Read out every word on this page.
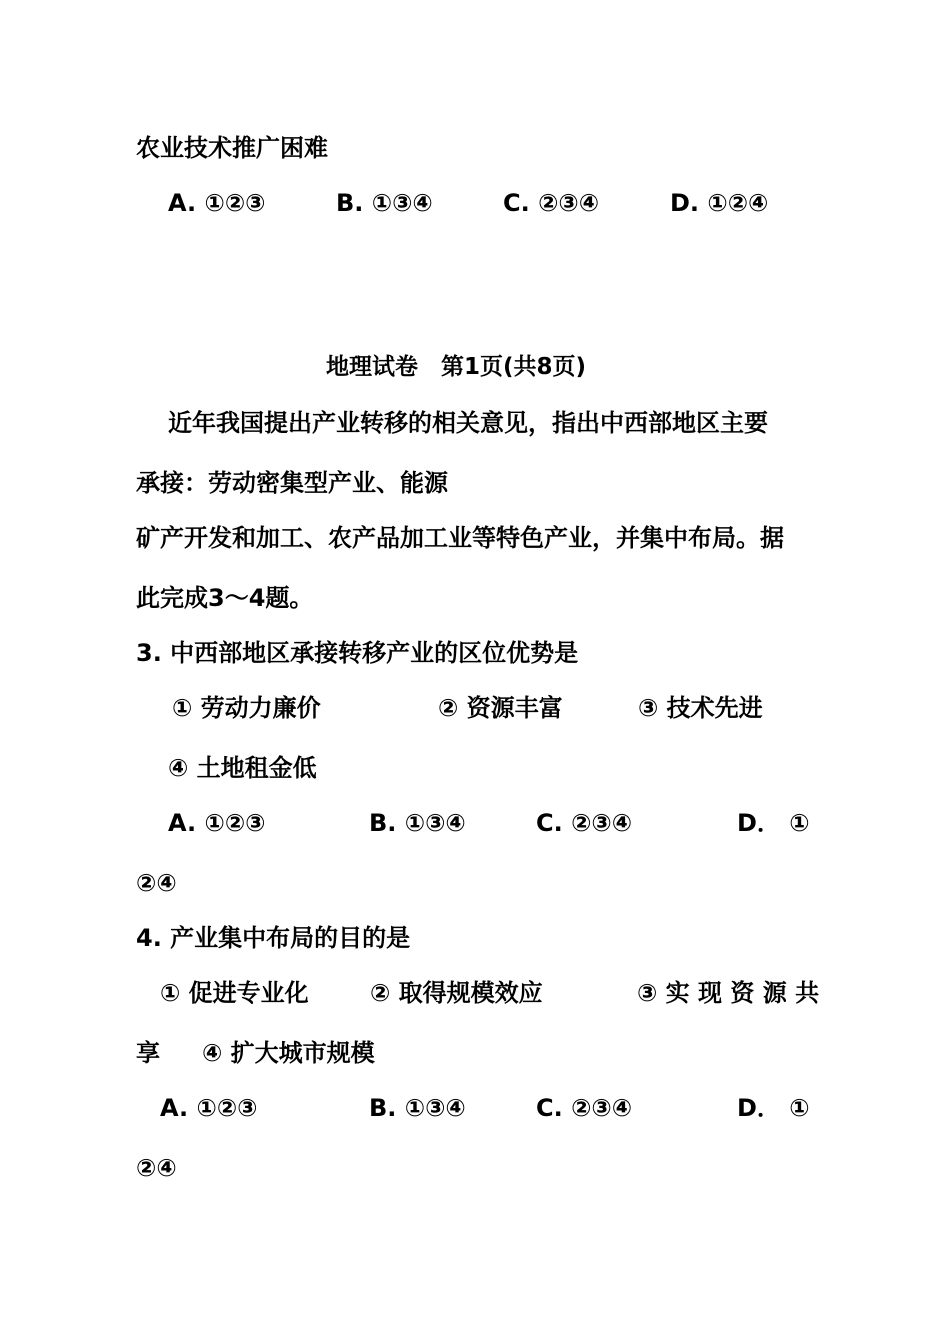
农业技术推广困难

A. ①②③	B. ①③④	C. ②③④	D. ①②④

地理试卷　第1页(共8页)

近年我国提出产业转移的相关意见，指出中西部地区主要

承接：劳动密集型产业、能源

矿产开发和加工、农产品加工业等特色产业，并集中布局。据

此完成3～4题。

3. 中西部地区承接转移产业的区位优势是

① 劳动力廉价	② 资源丰富	③ 技术先进

④ 土地租金低

A. ①②③	B. ①③④	C. ②③④	D． ①

②④

4. 产业集中布局的目的是

① 促进专业化	② 取得规模效应	③ 实 现 资 源 共

享 ④ 扩大城市规模

A. ①②③	B. ①③④	C. ②③④	D． ①

②④
